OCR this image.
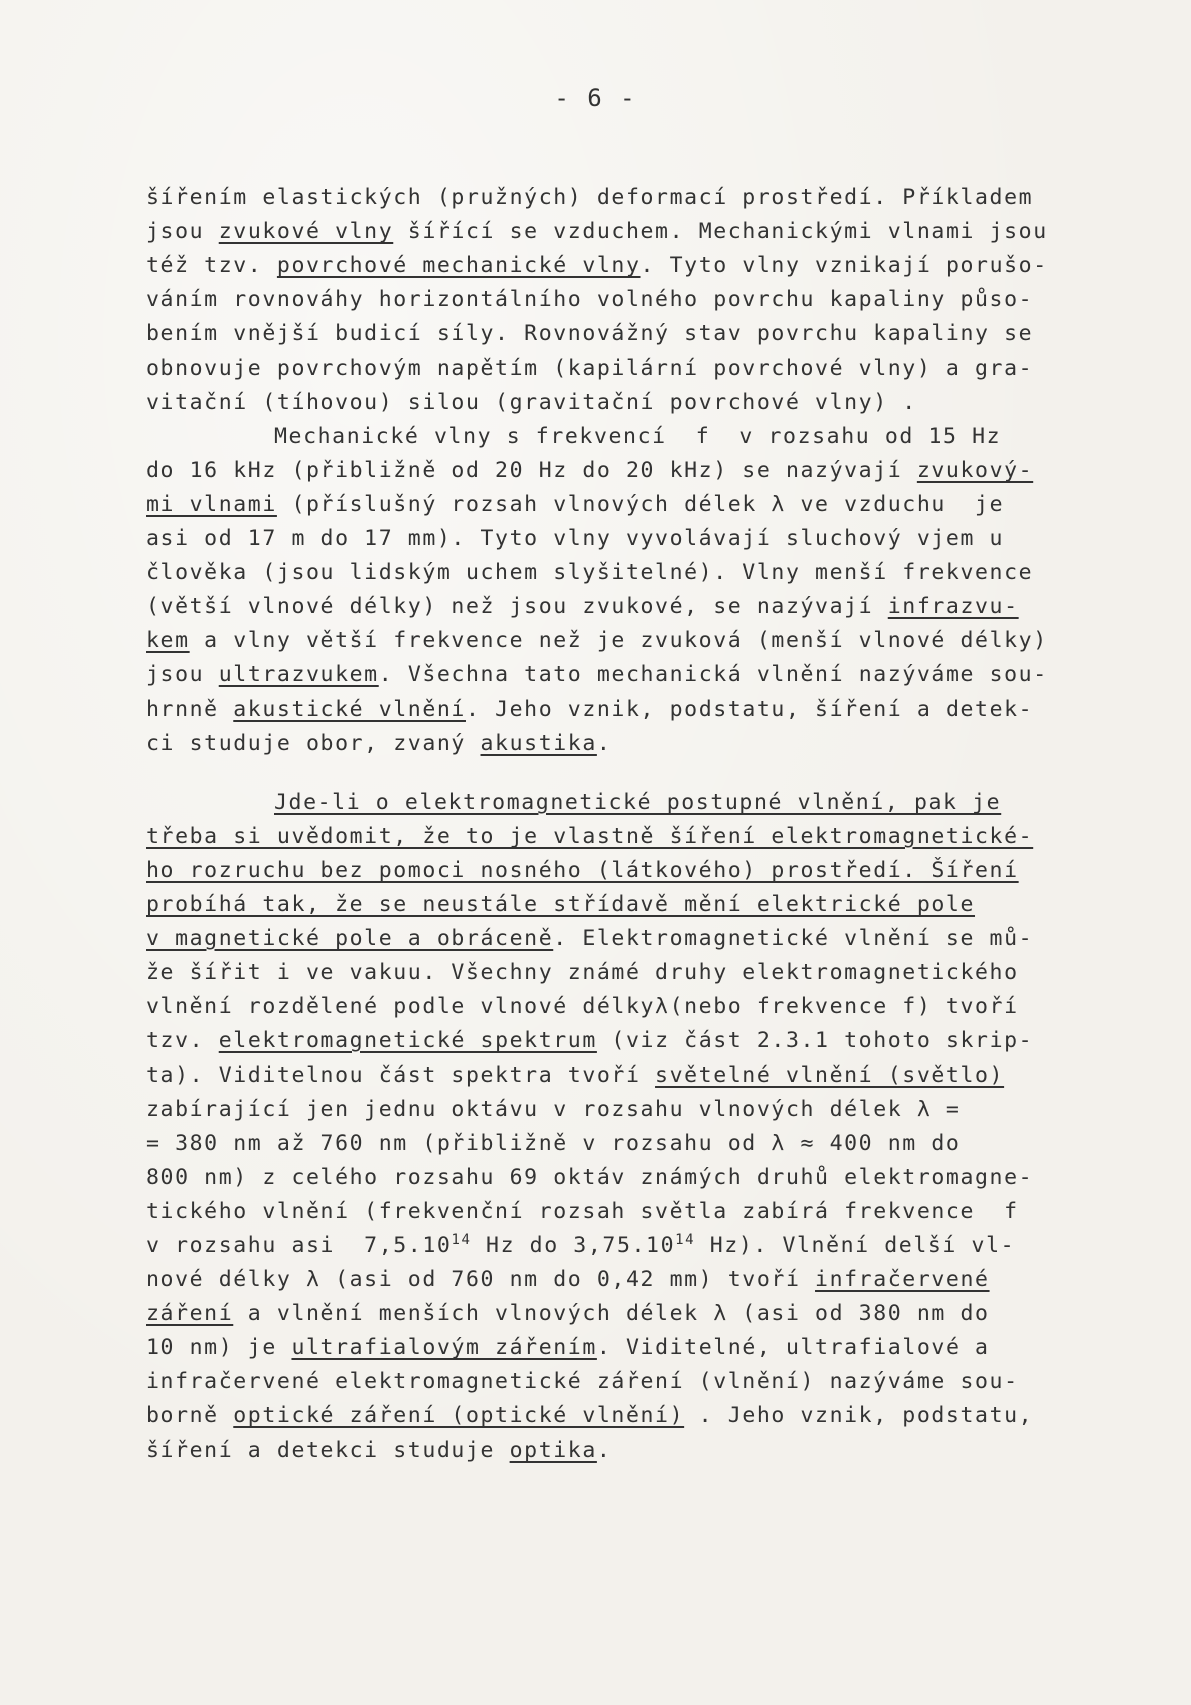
- 6 -
šířením elastických (pružných) deformací prostředí. Příkladem
jsou zvukové vlny šířící se vzduchem. Mechanickými vlnami jsou
též tzv. povrchové mechanické vlny. Tyto vlny vznikají porušo-
váním rovnováhy horizontálního volného povrchu kapaliny půso-
bením vnější budicí síly. Rovnovážný stav povrchu kapaliny se
obnovuje povrchovým napětím (kapilární povrchové vlny) a gra-
vitační (tíhovou) silou (gravitační povrchové vlny) .
Mechanické vlny s frekvencí  f  v rozsahu od 15 Hz
do 16 kHz (přibližně od 20 Hz do 20 kHz) se nazývají zvukový-
mi vlnami (příslušný rozsah vlnových délek λ ve vzduchu  je
asi od 17 m do 17 mm). Tyto vlny vyvolávají sluchový vjem u
člověka (jsou lidským uchem slyšitelné). Vlny menší frekvence
(větší vlnové délky) než jsou zvukové, se nazývají infrazvu-
kem a vlny větší frekvence než je zvuková (menší vlnové délky)
jsou ultrazvukem. Všechna tato mechanická vlnění nazýváme sou-
hrnně akustické vlnění. Jeho vznik, podstatu, šíření a detek-
ci studuje obor, zvaný akustika.
Jde-li o elektromagnetické postupné vlnění, pak je
třeba si uvědomit, že to je vlastně šíření elektromagnetické-
ho rozruchu bez pomoci nosného (látkového) prostředí. Šíření
probíhá tak, že se neustále střídavě mění elektrické pole
v magnetické pole a obráceně. Elektromagnetické vlnění se mů-
že šířit i ve vakuu. Všechny známé druhy elektromagnetického
vlnění rozdělené podle vlnové délkyλ(nebo frekvence f) tvoří
tzv. elektromagnetické spektrum (viz část 2.3.1 tohoto skrip-
ta). Viditelnou část spektra tvoří světelné vlnění (světlo)
zabírající jen jednu oktávu v rozsahu vlnových délek λ =
= 380 nm až 760 nm (přibližně v rozsahu od λ ≈ 400 nm do
800 nm) z celého rozsahu 69 oktáv známých druhů elektromagne-
tického vlnění (frekvenční rozsah světla zabírá frekvence  f
v rozsahu asi  7,5.10$^{14}$ Hz do 3,75.10$^{14}$ Hz). Vlnění delší vl-
nové délky λ (asi od 760 nm do 0,42 mm) tvoří infračervené
záření a vlnění menších vlnových délek λ (asi od 380 nm do
10 nm) je ultrafialovým zářením. Viditelné, ultrafialové a
infračervené elektromagnetické záření (vlnění) nazýváme sou-
borně optické záření (optické vlnění) . Jeho vznik, podstatu,
šíření a detekci studuje optika.
